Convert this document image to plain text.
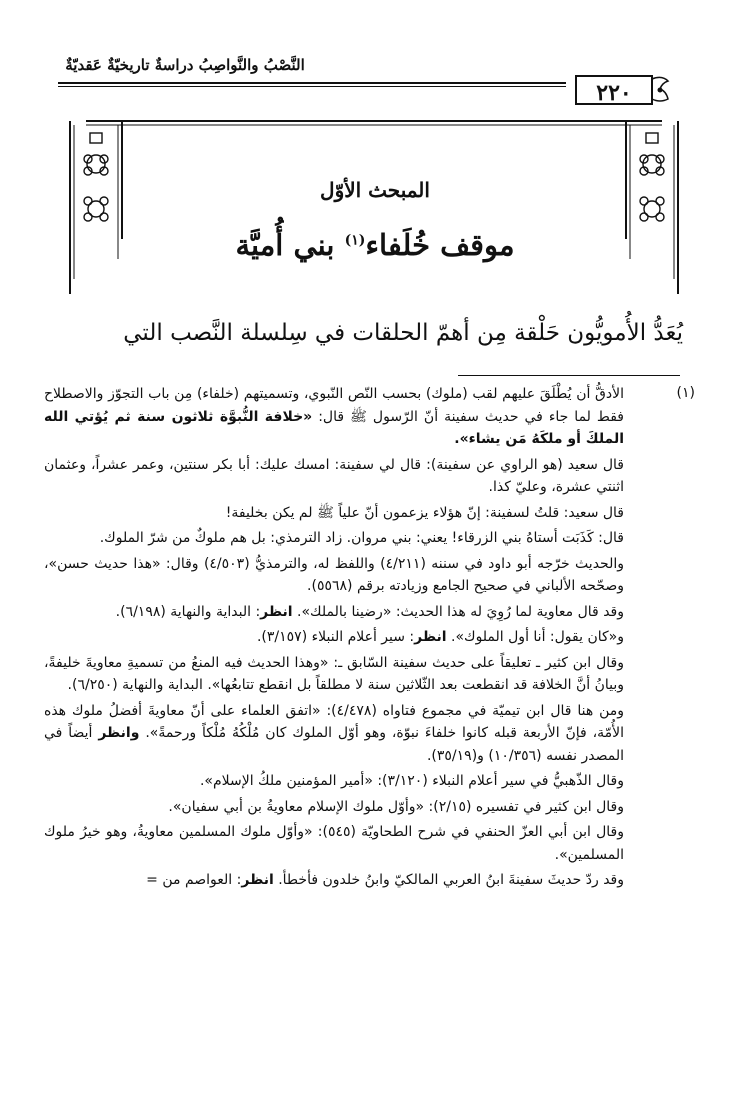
النَّصْبُ والنَّواصِبُ دراسةٌ تاريخيّةٌ عَقديّةٌ
٢٢٠
المبحث الأوّل
موقف خُلَفاء$^{(١)}$ بني أُميَّة
يُعَدُّ الأُمويُّون حَلْقة مِن أهمّ الحلقات في سِلسلة النَّصب التي
(١)

الأدقُّ أن يُطْلَقَ عليهم لقب (ملوك) بحسب النّص النّبوي، وتسميتهم (خلفاء) مِن باب التجوّز والاصطلاح فقط لما جاء في حديث سفينة أنّ الرّسول ﷺ قال: «خلافة النُّبوَّة ثلاثون سنة ثم يُؤتي الله الملكَ أو ملكَهُ مَن يشاء».

قال سعيد (هو الراوي عن سفينة): قال لي سفينة: امسك عليك: أبا بكر سنتين، وعمر عشراً، وعثمان اثنتي عشرة، وعليّ كذا.

قال سعيد: قلتُ لسفينة: إنّ هؤلاء يزعمون أنّ علياً ﷺ لم يكن بخليفة!

قال: كَذَبَت أستاهُ بني الزرقاء! يعني: بني مروان. زاد الترمذي: بل هم ملوكٌ من شرّ الملوك.

والحديث خرّجه أبو داود في سننه (٤/٢١١) واللفظ له، والترمذيُّ (٤/٥٠٣) وقال: «هذا حديث حسن»، وصحّحه الألباني في صحيح الجامع وزيادته برقم (٥٥٦٨).

وقد قال معاوية لما رُوِيَ له هذا الحديث: «رضينا بالملك». انظر: البداية والنهاية (٦/١٩٨).

و«كان يقول: أنا أول الملوك». انظر: سير أعلام النبلاء (٣/١٥٧).

وقال ابن كثير ـ تعليقاً على حديث سفينة السّابق ـ: «وهذا الحديث فيه المنعُ من تسميةِ معاويةَ خليفةً، وبيانُ أنَّ الخلافة قد انقطعت بعد الثّلاثين سنة لا مطلقاً بل انقطع تتابعُها». البداية والنهاية (٦/٢٥٠).

ومن هنا قال ابن تيميّة في مجموع فتاواه (٤/٤٧٨): «اتفق العلماء على أنّ معاويةَ أفضلُ ملوك هذه الأُمّة، فإنّ الأربعة قبله كانوا خلفاءَ نبوّة، وهو أوّل الملوك كان مُلْكُهُ مُلْكاً ورحمةً». وانظر أيضاً في المصدر نفسه (١٠/٣٥٦) و(٣٥/١٩).

وقال الذّهبيُّ في سير أعلام النبلاء (٣/١٢٠): «أمير المؤمنين ملكُ الإسلام».

وقال ابن كثير في تفسيره (٢/١٥): «وأوّل ملوك الإسلام معاويةُ بن أبي سفيان».

وقال ابن أبي العزّ الحنفي في شرح الطحاويّة (٥٤٥): «وأوّل ملوك المسلمين معاويةُ، وهو خيرُ ملوك المسلمين».

وقد ردّ حديثَ سفينةَ ابنُ العربي المالكيّ وابنُ خلدون فأخطأ. انظر: العواصم من =
